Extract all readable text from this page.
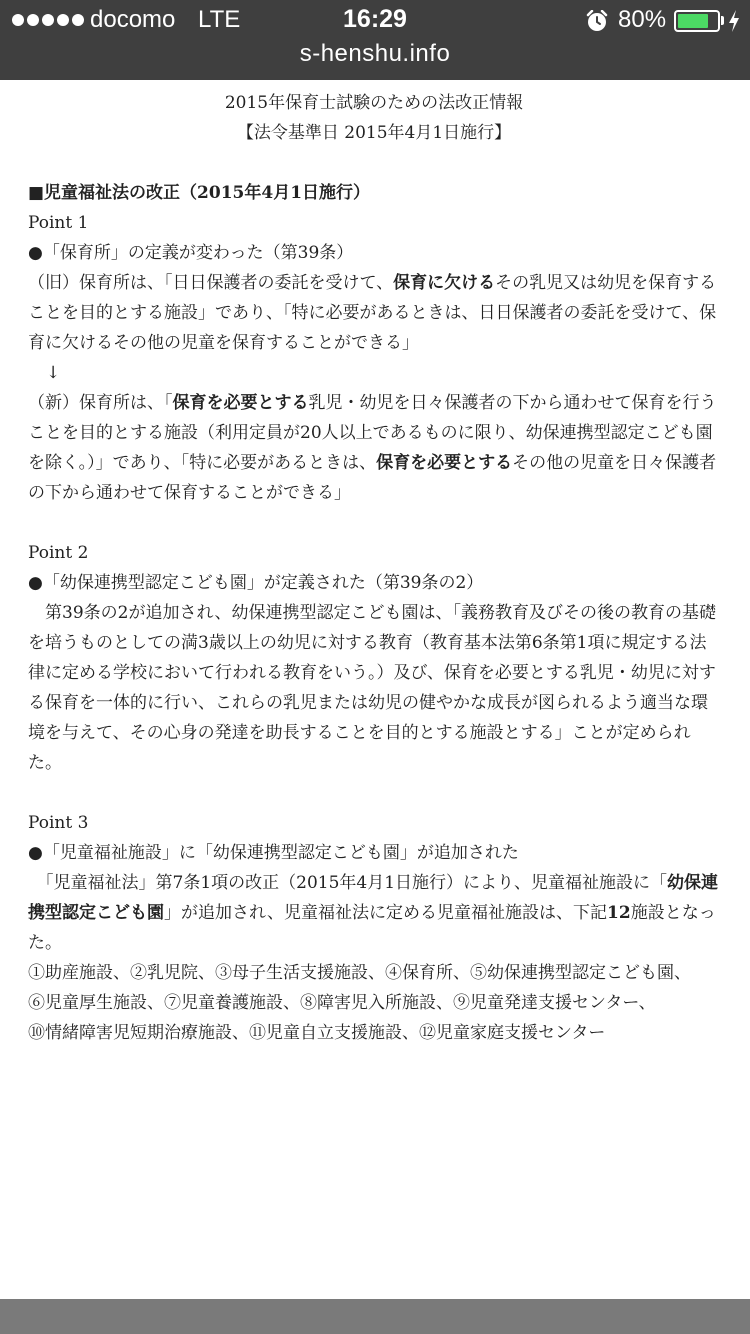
docomo LTE	16:29	80%
s-henshu.info

2015年保育士試験のための法改正情報

【法令基準日 2015年4月1日施行】

■児童福祉法の改正（2015年4月1日施行）

Point 1

●「保育所」の定義が変わった（第39条）

（旧）保育所は、「日日保護者の委託を受けて、保育に欠けるその乳児又は幼児を保育することを目的とする施設」であり、「特に必要があるときは、日日保護者の委託を受けて、保育に欠けるその他の児童を保育することができる」

↓

（新）保育所は、「保育を必要とする乳児・幼児を日々保護者の下から通わせて保育を行うことを目的とする施設（利用定員が20人以上であるものに限り、幼保連携型認定こども園を除く。）」であり、「特に必要があるときは、保育を必要とするその他の児童を日々保護者の下から通わせて保育することができる」

Point 2

●「幼保連携型認定こども園」が定義された（第39条の2）

　第39条の2が追加され、幼保連携型認定こども園は、「義務教育及びその後の教育の基礎を培うものとしての満3歳以上の幼児に対する教育（教育基本法第6条第1項に規定する法律に定める学校において行われる教育をいう。）及び、保育を必要とする乳児・幼児に対する保育を一体的に行い、これらの乳児または幼児の健やかな成長が図られるよう適当な環境を与えて、その心身の発達を助長することを目的とする施設とする」ことが定められた。

Point 3

●「児童福祉施設」に「幼保連携型認定こども園」が追加された

　「児童福祉法」第7条1項の改正（2015年4月1日施行）により、児童福祉施設に「幼保連携型認定こども園」が追加され、児童福祉法に定める児童福祉施設は、下記12施設となった。

①助産施設、②乳児院、③母子生活支援施設、④保育所、⑤幼保連携型認定こども園、

⑥児童厚生施設、⑦児童養護施設、⑧障害児入所施設、⑨児童発達支援センター、

⑩情緒障害児短期治療施設、⑪児童自立支援施設、⑫児童家庭支援センター
